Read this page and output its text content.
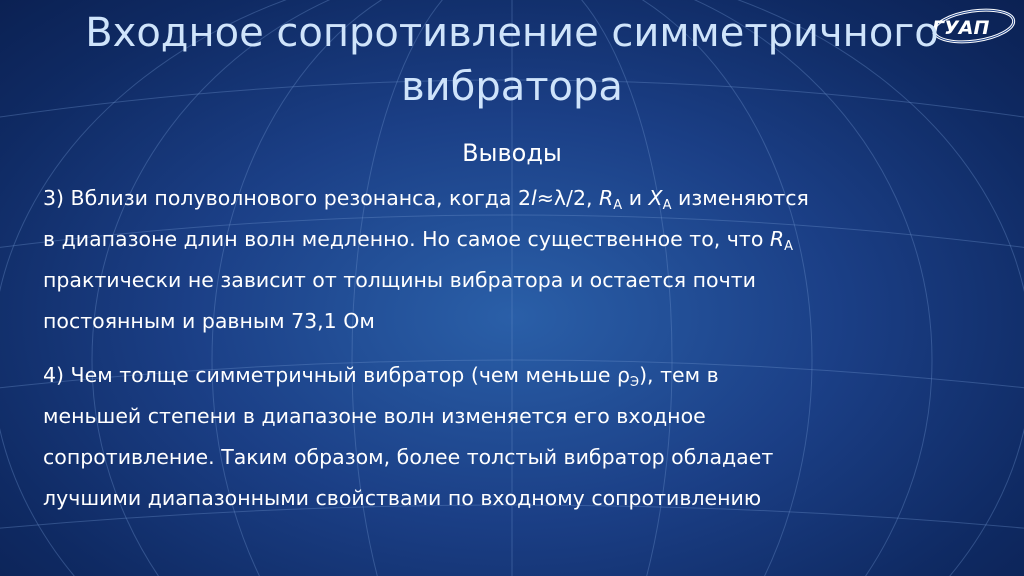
ГУАП
Входное сопротивление симметричного
вибратора
Выводы
3) Вблизи полуволнового резонанса, когда 2l≈λ/2, $R_А$ и $X_А$ изменяются
в диапазоне длин волн медленно. Но самое существенное то, что $R_А$
практически не зависит от толщины вибратора и остается почти
постоянным и равным 73,1 Ом
4) Чем толще симметричный вибратор (чем меньше $\rho_Э$), тем в
меньшей степени в диапазоне волн изменяется его входное
сопротивление. Таким образом, более толстый вибратор обладает
лучшими диапазонными свойствами по входному сопротивлению
